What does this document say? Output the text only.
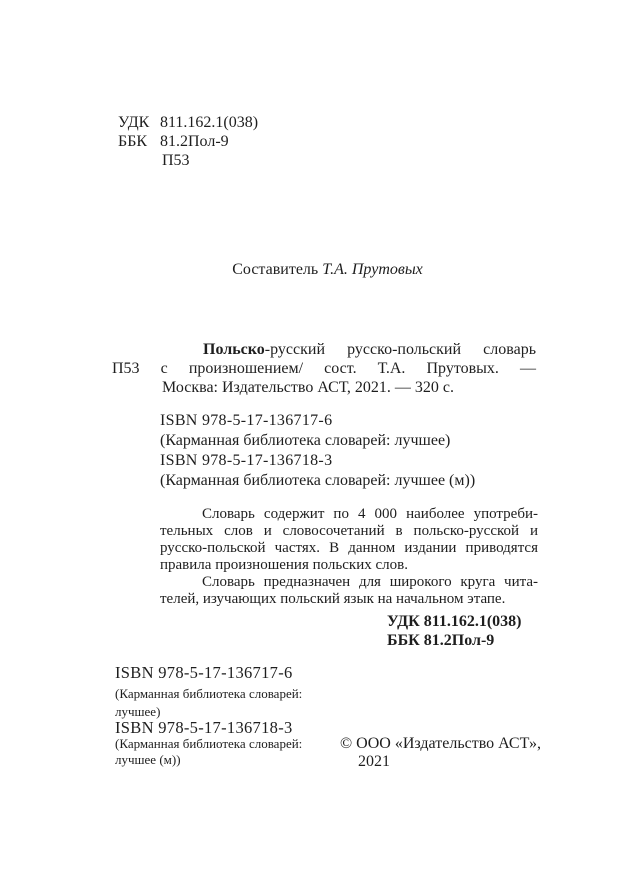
УДК 811.162.1(038)
ББК 81.2Пол-9
П53
Составитель Т.А. Прутовых
Польско-русский русско-польский словарь
П53 с произношением/ сост. Т.А. Прутовых. —
Москва: Издательство АСТ, 2021. — 320 с.
ISBN 978-5-17-136717-6
(Карманная библиотека словарей: лучшее)
ISBN 978-5-17-136718-3
(Карманная библиотека словарей: лучшее (м))
Словарь содержит по 4 000 наиболее употреби-
тельных слов и словосочетаний в польско-русской и
русско-польской частях. В данном издании приводятся
правила произношения польских слов.
Словарь предназначен для широкого круга чита-
телей, изучающих польский язык на начальном этапе.
УДК 811.162.1(038)
ББК 81.2Пол-9
ISBN 978-5-17-136717-6
(Карманная библиотека словарей:
лучшее)
ISBN 978-5-17-136718-3
(Карманная библиотека словарей:
лучшее (м))
© ООО «Издательство АСТ»,
2021
